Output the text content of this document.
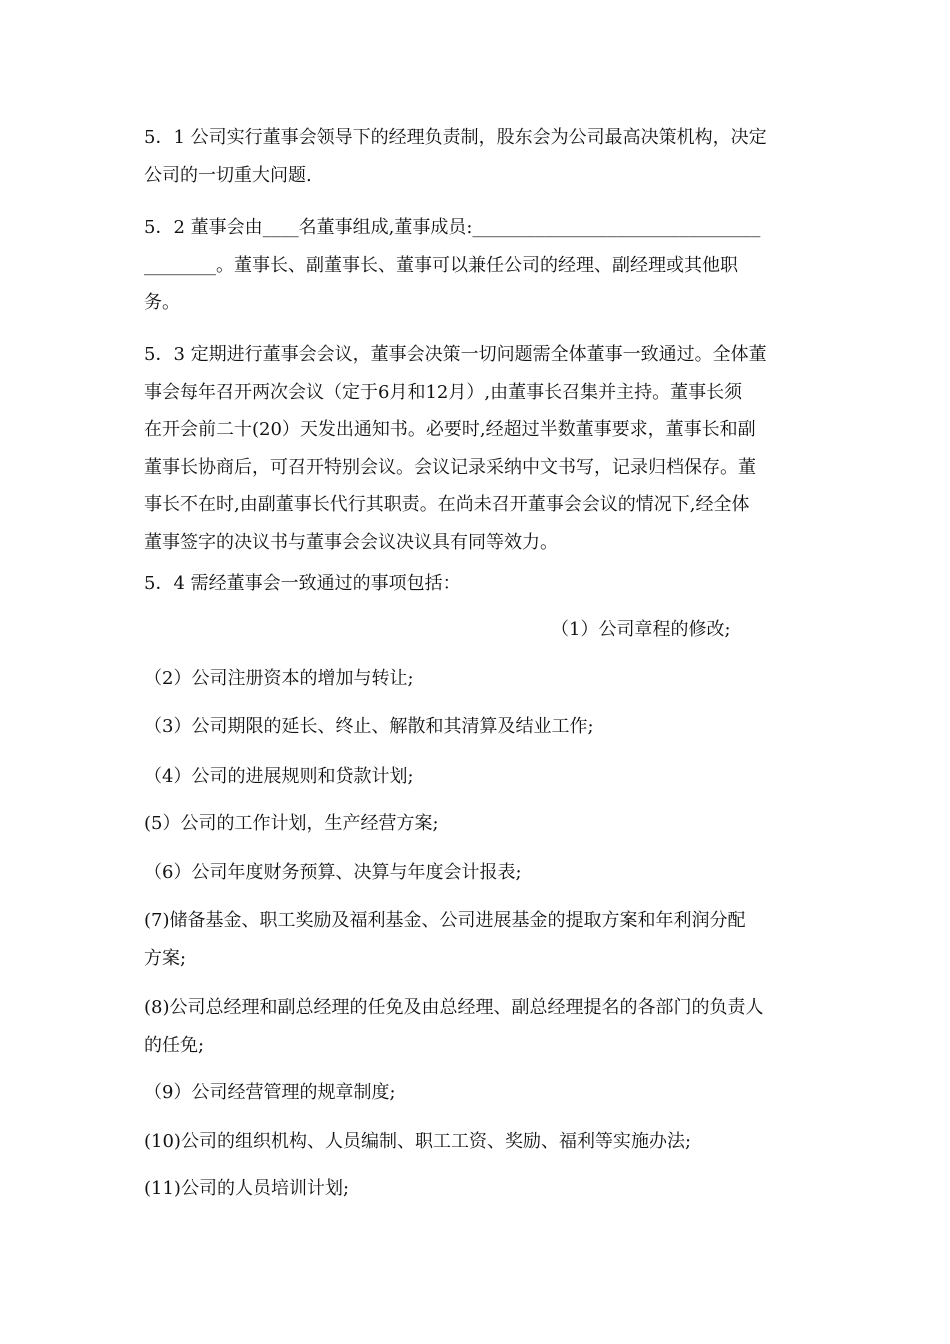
5．1 公司实行董事会领导下的经理负责制，股东会为公司最高决策机构，决定
公司的一切重大问题.
5．2 董事会由____名董事组成,董事成员:________________________________
________。董事长、副董事长、董事可以兼任公司的经理、副经理或其他职
务。
5．3 定期进行董事会会议，董事会决策一切问题需全体董事一致通过。全体董
事会每年召开两次会议（定于6月和12月）,由董事长召集并主持。董事长须
在开会前二十(20）天发出通知书。必要时,经超过半数董事要求，董事长和副
董事长协商后，可召开特别会议。会议记录采纳中文书写，记录归档保存。董
事长不在时,由副董事长代行其职责。在尚未召开董事会会议的情况下,经全体
董事签字的决议书与董事会会议决议具有同等效力。

5．4 需经董事会一致通过的事项包括：

（1）公司章程的修改;

（2）公司注册资本的增加与转让;

（3）公司期限的延长、终止、解散和其清算及结业工作;

（4）公司的进展规则和贷款计划;

(5）公司的工作计划，生产经营方案;

（6）公司年度财务预算、决算与年度会计报表;

(7)储备基金、职工奖励及福利基金、公司进展基金的提取方案和年利润分配
方案;
(8)公司总经理和副总经理的任免及由总经理、副总经理提名的各部门的负责人
的任免;

（9）公司经营管理的规章制度;

(10)公司的组织机构、人员编制、职工工资、奖励、福利等实施办法;

(11)公司的人员培训计划;
